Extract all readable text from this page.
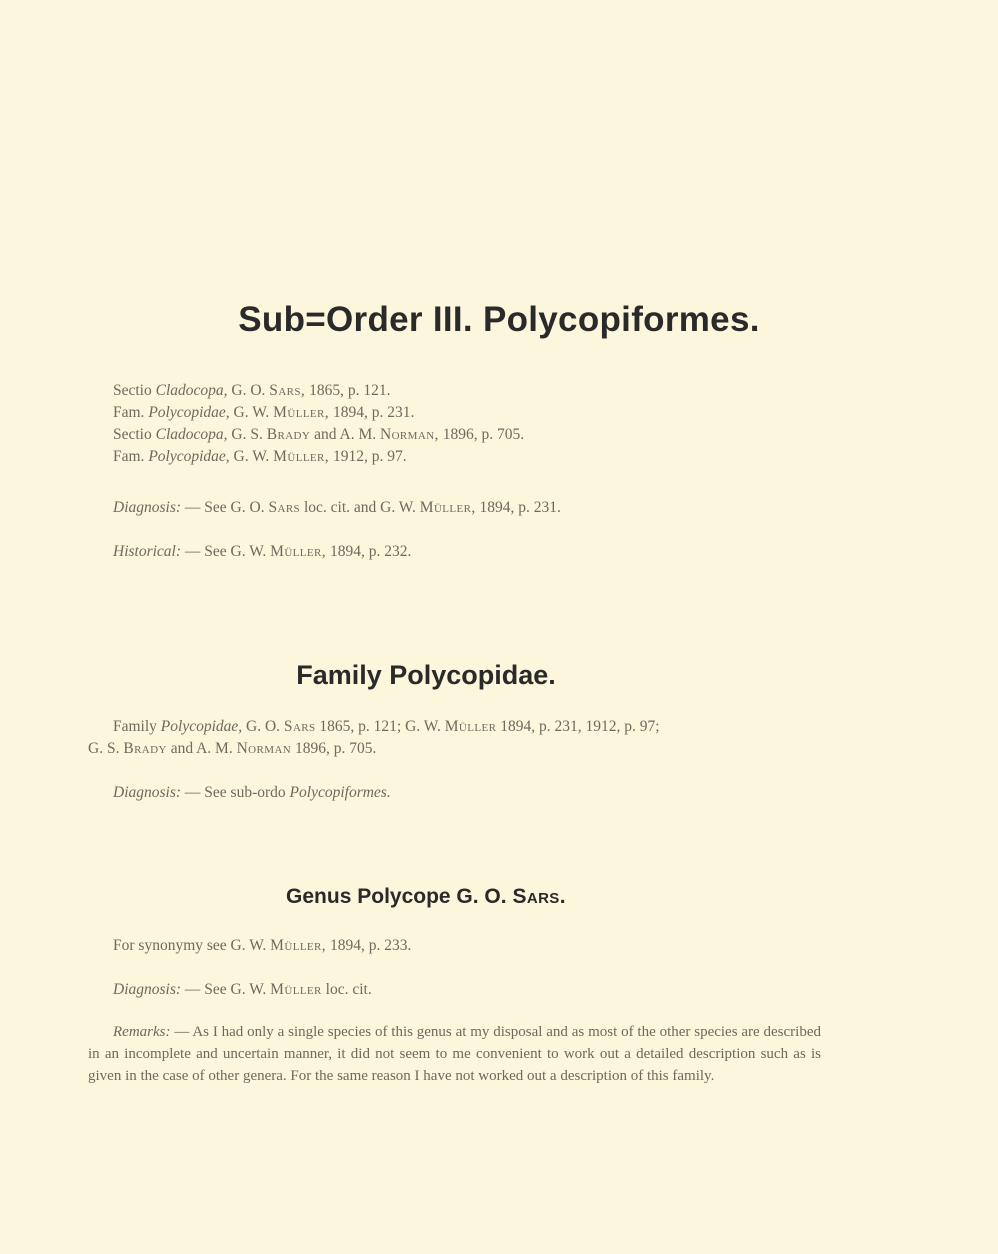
Sub=Order III. Polycopiformes.
Sectio Cladocopa, G. O. Sars, 1865, p. 121.
Fam. Polycopidae, G. W. Müller, 1894, p. 231.
Sectio Cladocopa, G. S. Brady and A. M. Norman, 1896, p. 705.
Fam. Polycopidae, G. W. Müller, 1912, p. 97.
Diagnosis: — See G. O. Sars loc. cit. and G. W. Müller, 1894, p. 231.
Historical: — See G. W. Müller, 1894, p. 232.
Family Polycopidae.
Family Polycopidae, G. O. Sars 1865, p. 121; G. W. Müller 1894, p. 231, 1912, p. 97;
G. S. Brady and A. M. Norman 1896, p. 705.
Diagnosis: — See sub-ordo Polycopiformes.
Genus Polycope G. O. Sars.
For synonymy see G. W. Müller, 1894, p. 233.
Diagnosis: — See G. W. Müller loc. cit.
Remarks: — As I had only a single species of this genus at my disposal and as most of the other species are described in an incomplete and uncertain manner, it did not seem to me convenient to work out a detailed description such as is given in the case of other genera. For the same reason I have not worked out a description of this family.
